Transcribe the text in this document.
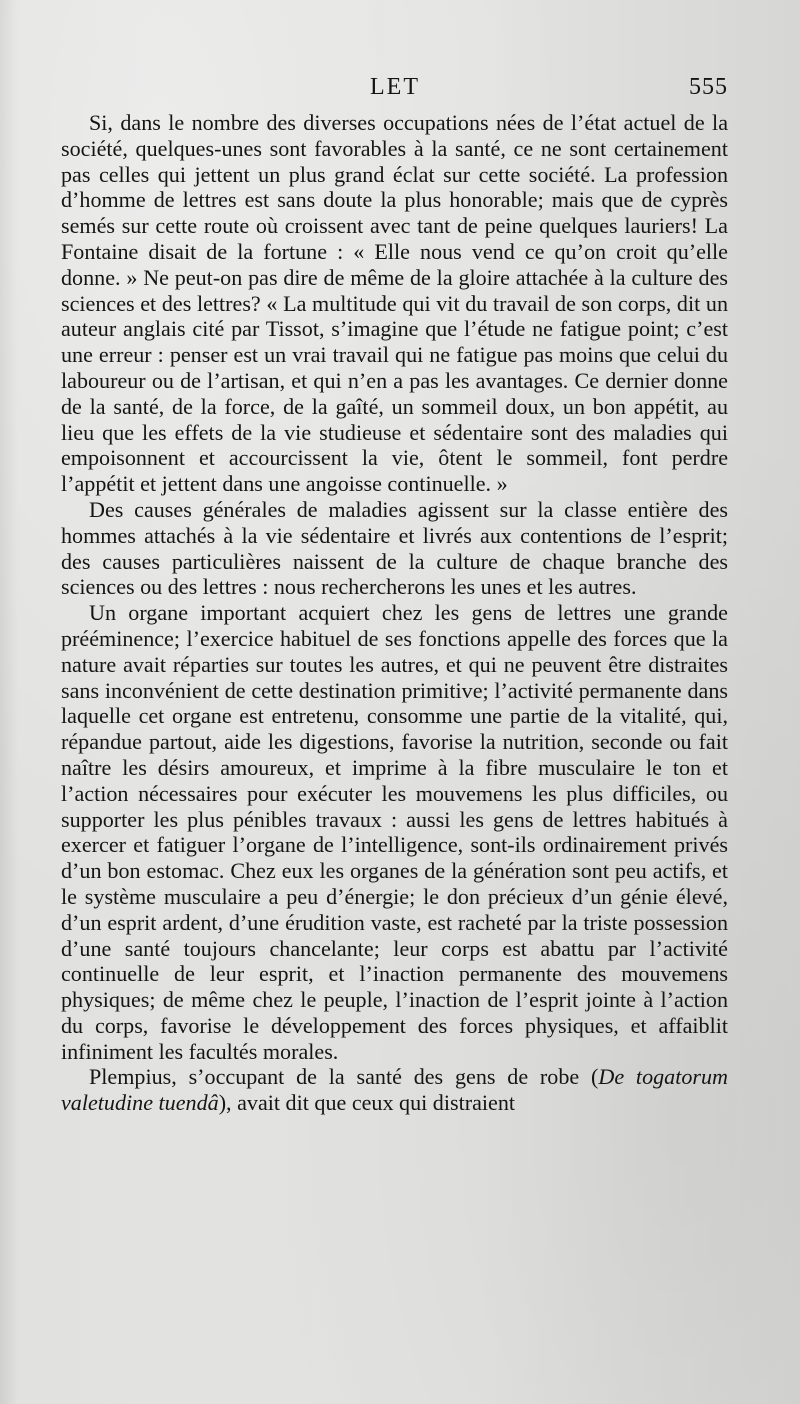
LET	555

Si, dans le nombre des diverses occupations nées de l’état actuel de la société, quelques-unes sont favorables à la santé, ce ne sont certainement pas celles qui jettent un plus grand éclat sur cette société. La profession d’homme de lettres est sans doute la plus honorable; mais que de cyprès semés sur cette route où croissent avec tant de peine quelques lauriers! La Fontaine disait de la fortune : « Elle nous vend ce qu’on croit qu’elle donne. » Ne peut-on pas dire de même de la gloire attachée à la culture des sciences et des lettres? « La multitude qui vit du travail de son corps, dit un auteur anglais cité par Tissot, s’imagine que l’étude ne fatigue point; c’est une erreur : penser est un vrai travail qui ne fatigue pas moins que celui du laboureur ou de l’artisan, et qui n’en a pas les avantages. Ce dernier donne de la santé, de la force, de la gaîté, un sommeil doux, un bon appétit, au lieu que les effets de la vie studieuse et sédentaire sont des maladies qui empoisonnent et accourcissent la vie, ôtent le sommeil, font perdre l’appétit et jettent dans une angoisse continuelle. »

Des causes générales de maladies agissent sur la classe entière des hommes attachés à la vie sédentaire et livrés aux contentions de l’esprit; des causes particulières naissent de la culture de chaque branche des sciences ou des lettres : nous rechercherons les unes et les autres.

Un organe important acquiert chez les gens de lettres une grande prééminence; l’exercice habituel de ses fonctions appelle des forces que la nature avait réparties sur toutes les autres, et qui ne peuvent être distraites sans inconvénient de cette destination primitive; l’activité permanente dans laquelle cet organe est entretenu, consomme une partie de la vitalité, qui, répandue partout, aide les digestions, favorise la nutrition, seconde ou fait naître les désirs amoureux, et imprime à la fibre musculaire le ton et l’action nécessaires pour exécuter les mouvemens les plus difficiles, ou supporter les plus pénibles travaux : aussi les gens de lettres habitués à exercer et fatiguer l’organe de l’intelligence, sont-ils ordinairement privés d’un bon estomac. Chez eux les organes de la génération sont peu actifs, et le système musculaire a peu d’énergie; le don précieux d’un génie élevé, d’un esprit ardent, d’une érudition vaste, est racheté par la triste possession d’une santé toujours chancelante; leur corps est abattu par l’activité continuelle de leur esprit, et l’inaction permanente des mouvemens physiques; de même chez le peuple, l’inaction de l’esprit jointe à l’action du corps, favorise le développement des forces physiques, et affaiblit infiniment les facultés morales.

Plempius, s’occupant de la santé des gens de robe (De togatorum valetudine tuendâ), avait dit que ceux qui distraient
